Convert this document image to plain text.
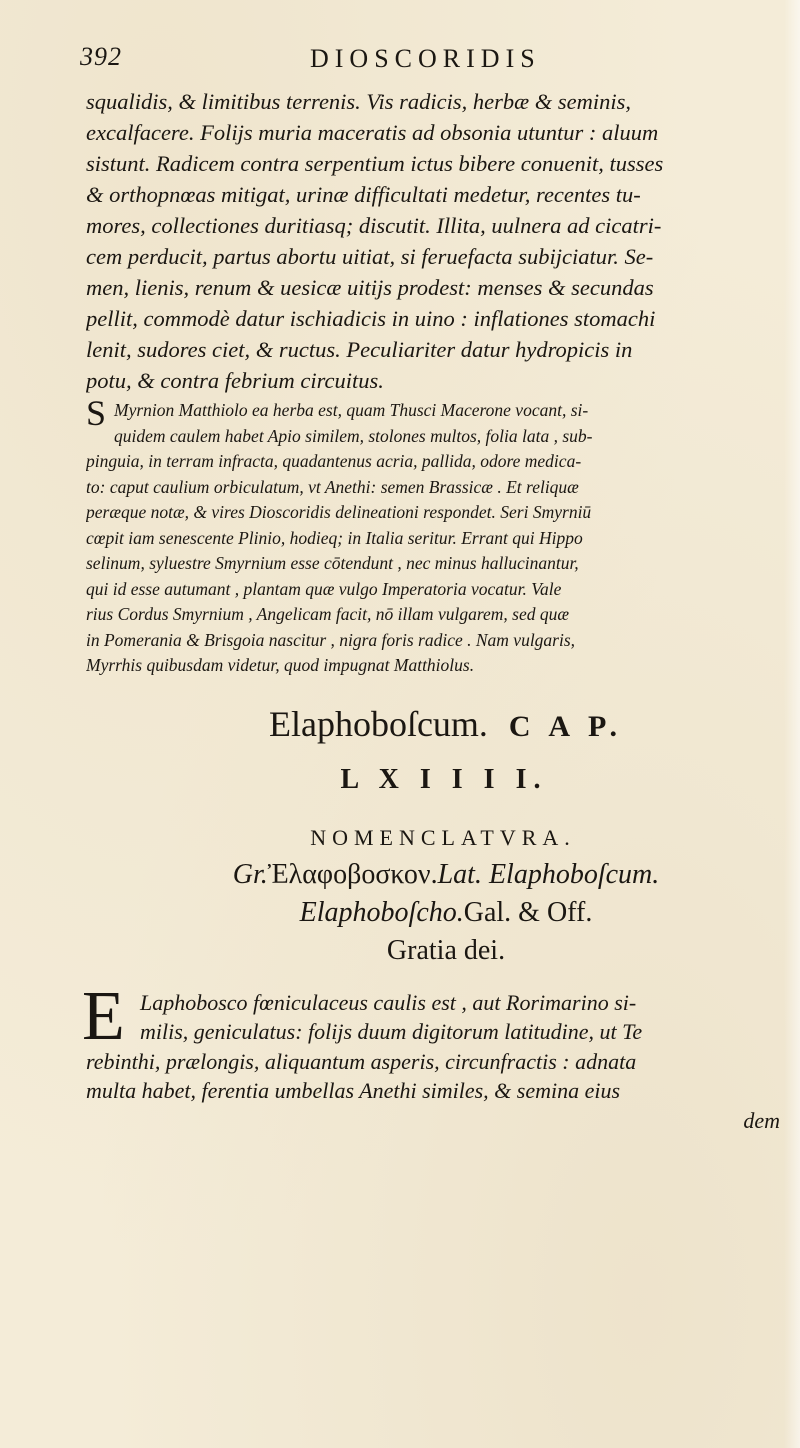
392	DIOSCORIDIS
squalidis, & limitibus terrenis. Vis radicis, herbæ & seminis,
excalfacere. Folijs muria maceratis ad obsonia utuntur : aluum
sistunt. Radicem contra serpentium ictus bibere conuenit, tusses
& orthopnœas mitigat, urinæ difficultati medetur, recentes tu-
mores, collectiones duritiasq; discutit. Illita, uulnera ad cicatri-
cem perducit, partus abortu uitiat, si feruefacta subijciatur. Se-
men, lienis, renum & uesicæ uitijs prodest: menses & secundas
pellit, commodè datur ischiadicis in uino : inflationes stomachi
lenit, sudores ciet, & ructus. Peculiariter datur hydropicis in
potu, & contra febrium circuitus.
S Myrnion Matthiolo ea herba est, quam Thusci Macerone vocant, si-
quidem caulem habet Apio similem, stolones multos, folia lata , sub-
pinguia, in terram infracta, quadantenus acria, pallida, odore medica-
to: caput caulium orbiculatum, vt Anethi: semen Brassicæ . Et reliquæ
peræque notæ, & vires Dioscoridis delineationi respondet. Seri Smyrniū
cœpit iam senescente Plinio, hodieq; in Italia seritur. Errant qui Hippo
selinum, syluestre Smyrnium esse cōtendunt , nec minus hallucinantur,
qui id esse autumant , plantam quæ vulgo Imperatoria vocatur. Vale
rius Cordus Smyrnium , Angelicam facit, nō illam vulgarem, sed quæ
in Pomerania & Brisgoia nascitur , nigra foris radice . Nam vulgaris,
Myrrhis quibusdam videtur, quod impugnat Matthiolus.
Elaphoboſcum. C A P.
L X I I I I.
NOMENCLATVRA.
Gr.Ἐλαφοβοσκον.Lat. Elaphoboſcum.
Elaphoboſcho.Gal. & Off.
Gratia dei.
E Laphobosco fœniculaceus caulis est , aut Rorimarino si-
milis, geniculatus: folijs duum digitorum latitudine, ut Te
rebinthi, prælongis, aliquantum asperis, circunfractis : adnata
multa habet, ferentia umbellas Anethi similes, & semina eius
dem
